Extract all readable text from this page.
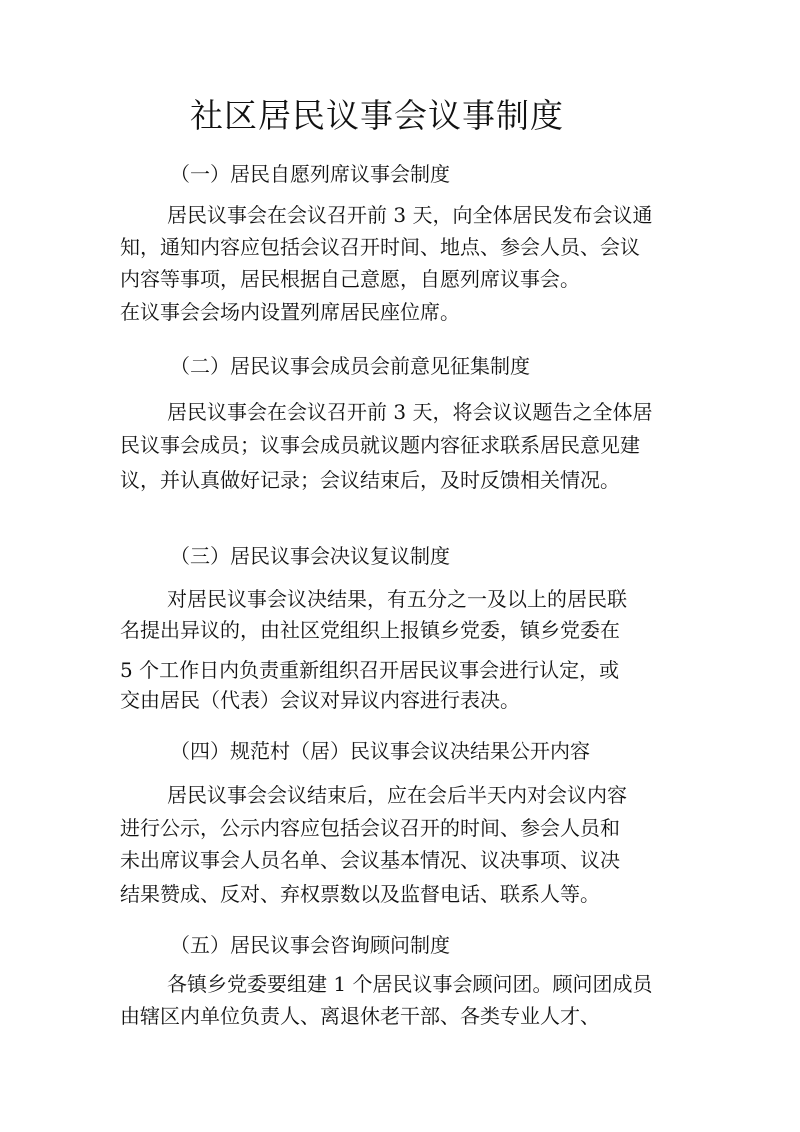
社区居民议事会议事制度
（一）居民自愿列席议事会制度
居民议事会在会议召开前 3 天，向全体居民发布会议通
知，通知内容应包括会议召开时间、地点、参会人员、会议
内容等事项，居民根据自己意愿，自愿列席议事会。
在议事会会场内设置列席居民座位席。
（二）居民议事会成员会前意见征集制度
居民议事会在会议召开前 3 天，将会议议题告之全体居
民议事会成员；议事会成员就议题内容征求联系居民意见建
议，并认真做好记录；会议结束后，及时反馈相关情况。
（三）居民议事会决议复议制度
对居民议事会议决结果，有五分之一及以上的居民联
名提出异议的，由社区党组织上报镇乡党委，镇乡党委在
5 个工作日内负责重新组织召开居民议事会进行认定，或
交由居民（代表）会议对异议内容进行表决。
（四）规范村（居）民议事会议决结果公开内容
居民议事会会议结束后，应在会后半天内对会议内容
进行公示，公示内容应包括会议召开的时间、参会人员和
未出席议事会人员名单、会议基本情况、议决事项、议决
结果赞成、反对、弃权票数以及监督电话、联系人等。
（五）居民议事会咨询顾问制度
各镇乡党委要组建 1 个居民议事会顾问团。顾问团成员
由辖区内单位负责人、离退休老干部、各类专业人才、
